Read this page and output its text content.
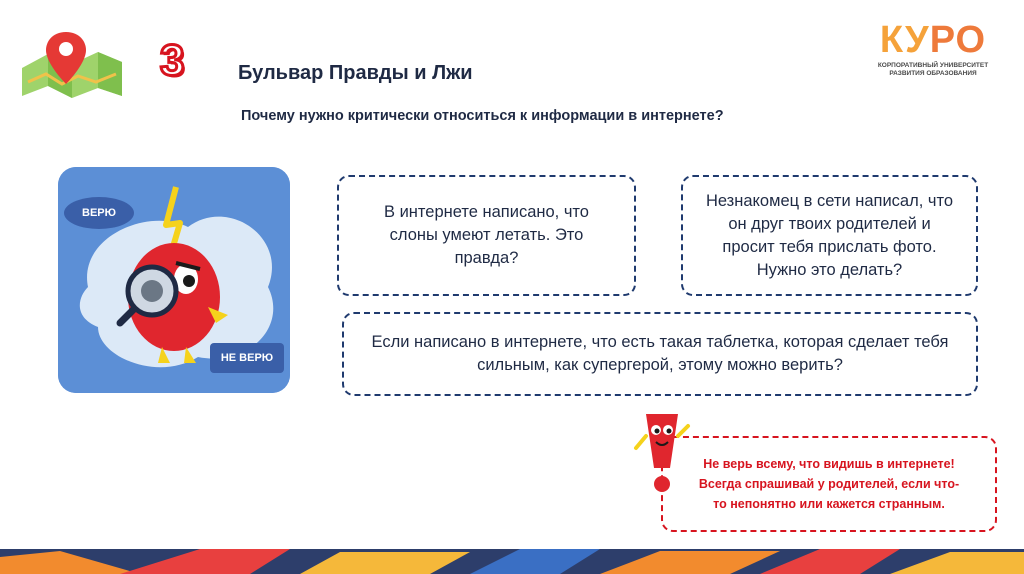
3	Бульвар Правды и Лжи
Почему нужно критически относиться к информации в интернете?
КУРО
КОРПОРАТИВНЫЙ УНИВЕРСИТЕТ
РАЗВИТИЯ ОБРАЗОВАНИЯ
ВЕРЮ
НЕ ВЕРЮ
В интернете написано, что слоны умеют летать. Это правда?
Незнакомец в сети написал, что он друг твоих родителей и просит тебя прислать фото. Нужно это делать?
Если написано в интернете, что есть такая таблетка, которая сделает тебя сильным, как супергерой, этому можно верить?
Не верь всему, что видишь в интернете!
Всегда спрашивай у родителей, если что-
то непонятно или кажется странным.
